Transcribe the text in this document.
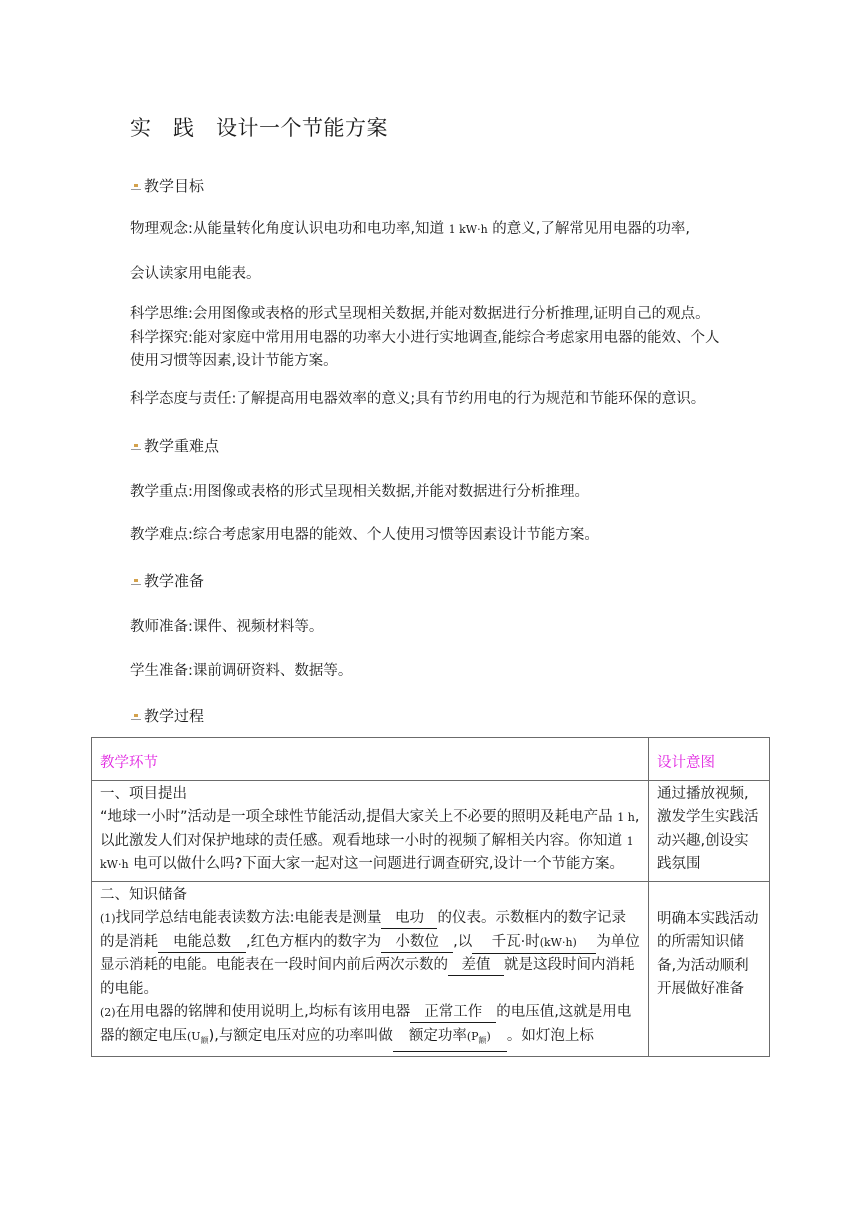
实　践　设计一个节能方案
教学目标
物理观念:从能量转化角度认识电功和电功率,知道 1 kW·h 的意义,了解常见用电器的功率,
会认读家用电能表。
科学思维:会用图像或表格的形式呈现相关数据,并能对数据进行分析推理,证明自己的观点。
科学探究:能对家庭中常用用电器的功率大小进行实地调查,能综合考虑家用电器的能效、个人使用习惯等因素,设计节能方案。
科学态度与责任:了解提高用电器效率的意义;具有节约用电的行为规范和节能环保的意识。
教学重难点
教学重点:用图像或表格的形式呈现相关数据,并能对数据进行分析推理。
教学难点:综合考虑家用电器的能效、个人使用习惯等因素设计节能方案。
教学准备
教师准备:课件、视频材料等。
学生准备:课前调研资料、数据等。
教学过程
教学环节	设计意图

一、项目提出
“地球一小时”活动是一项全球性节能活动,提倡大家关上不必要的照明及耗电产品 1 h,以此激发人们对保护地球的责任感。观看地球一小时的视频了解相关内容。你知道 1 kW·h 电可以做什么吗?下面大家一起对这一问题进行调查研究,设计一个节能方案。	通过播放视频,激发学生实践活动兴趣,创设实践氛围

二、知识储备
(1)找同学总结电能表读数方法:电能表是测量 电功 的仪表。示数框内的数字记录的是消耗 电能总数 ,红色方框内的数字为 小数位 ,以 千瓦·时(kW·h) 为单位显示消耗的电能。电能表在一段时间内前后两次示数的 差值 就是这段时间内消耗的电能。
(2)在用电器的铭牌和使用说明上,均标有该用电器 正常工作 的电压值,这就是用电器的额定电压$(U_额)$,与额定电压对应的功率叫做 额定功率$(P_额)$ 。如灯泡上标	明确本实践活动的所需知识储备,为活动顺利开展做好准备
